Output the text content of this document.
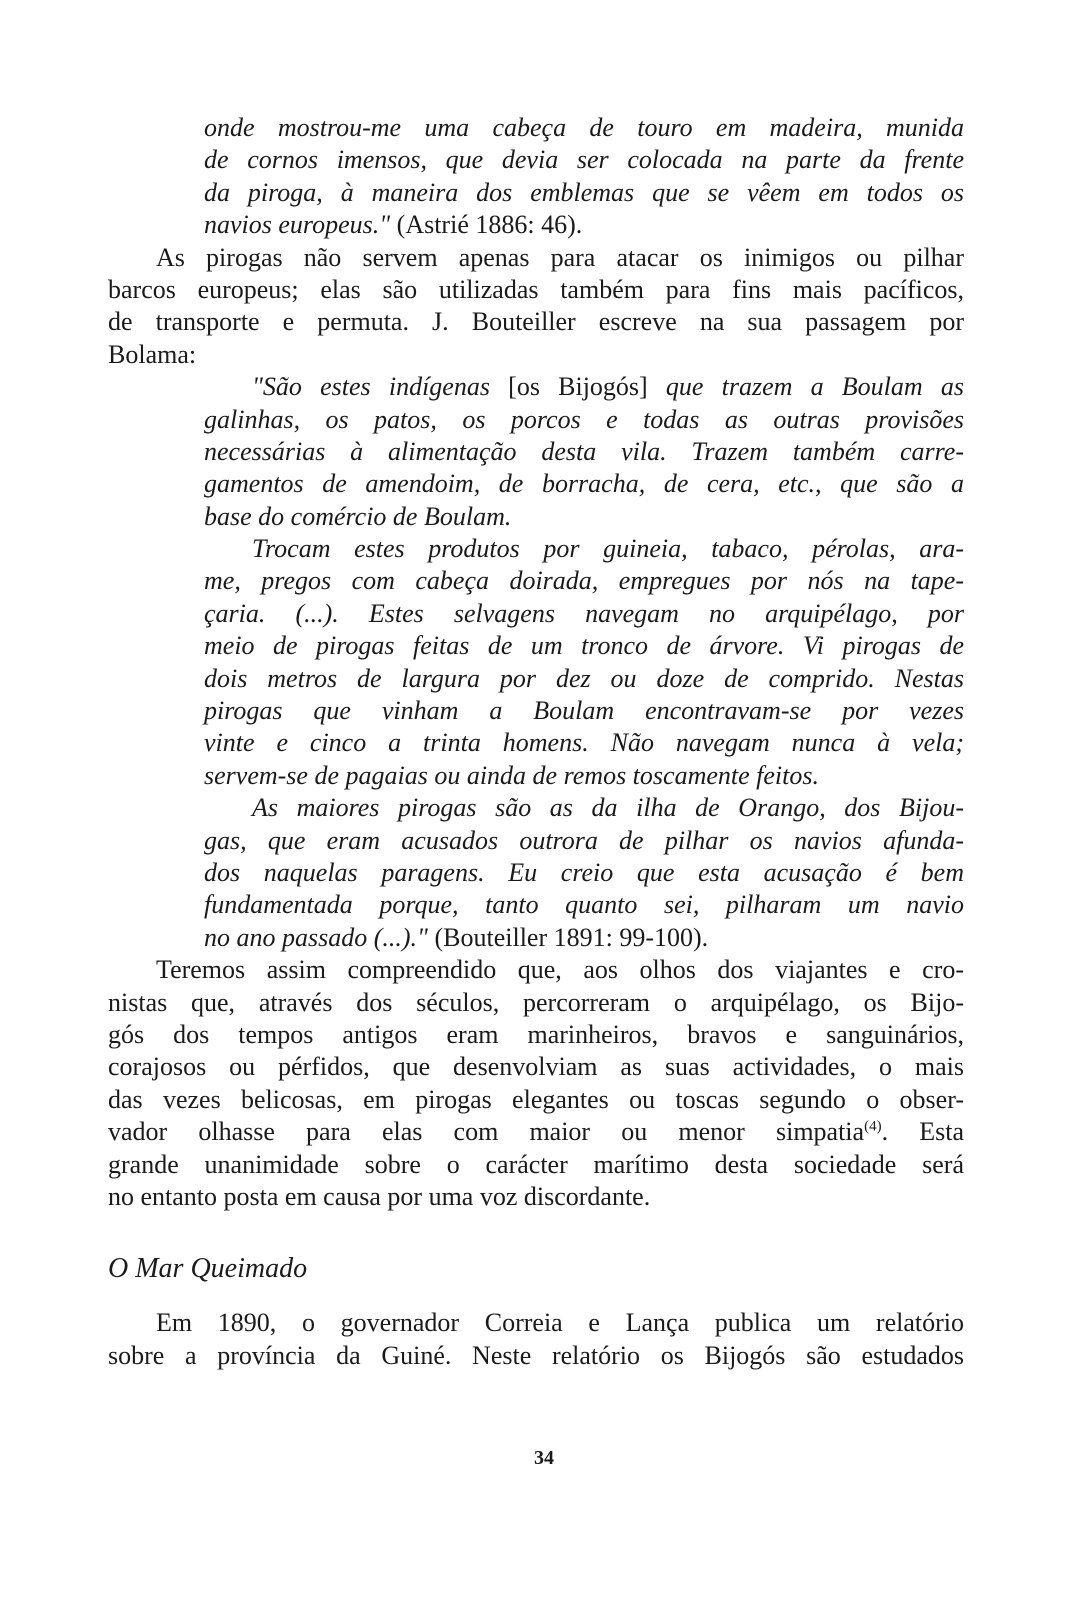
onde mostrou-me uma cabeça de touro em madeira, munida
de cornos imensos, que devia ser colocada na parte da frente
da piroga, à maneira dos emblemas que se vêem em todos os
navios europeus." (Astrié 1886: 46).
As pirogas não servem apenas para atacar os inimigos ou pilhar
barcos europeus; elas são utilizadas também para fins mais pacíficos,
de transporte e permuta. J. Bouteiller escreve na sua passagem por
Bolama:
"São estes indígenas [os Bijogós] que trazem a Boulam as
galinhas, os patos, os porcos e todas as outras provisões
necessárias à alimentação desta vila. Trazem também carre-
gamentos de amendoim, de borracha, de cera, etc., que são a
base do comércio de Boulam.
Trocam estes produtos por guineia, tabaco, pérolas, ara-
me, pregos com cabeça doirada, empregues por nós na tape-
çaria. (...). Estes selvagens navegam no arquipélago, por
meio de pirogas feitas de um tronco de árvore. Vi pirogas de
dois metros de largura por dez ou doze de comprido. Nestas
pirogas que vinham a Boulam encontravam-se por vezes
vinte e cinco a trinta homens. Não navegam nunca à vela;
servem-se de pagaias ou ainda de remos toscamente feitos.
As maiores pirogas são as da ilha de Orango, dos Bijou-
gas, que eram acusados outrora de pilhar os navios afunda-
dos naquelas paragens. Eu creio que esta acusação é bem
fundamentada porque, tanto quanto sei, pilharam um navio
no ano passado (...)." (Bouteiller 1891: 99-100).
Teremos assim compreendido que, aos olhos dos viajantes e cro-
nistas que, através dos séculos, percorreram o arquipélago, os Bijo-
gós dos tempos antigos eram marinheiros, bravos e sanguinários,
corajosos ou pérfidos, que desenvolviam as suas actividades, o mais
das vezes belicosas, em pirogas elegantes ou toscas segundo o obser-
vador olhasse para elas com maior ou menor simpatia$^{(4)}$. Esta
grande unanimidade sobre o carácter marítimo desta sociedade será
no entanto posta em causa por uma voz discordante.
O Mar Queimado
Em 1890, o governador Correia e Lança publica um relatório
sobre a província da Guiné. Neste relatório os Bijogós são estudados
34
